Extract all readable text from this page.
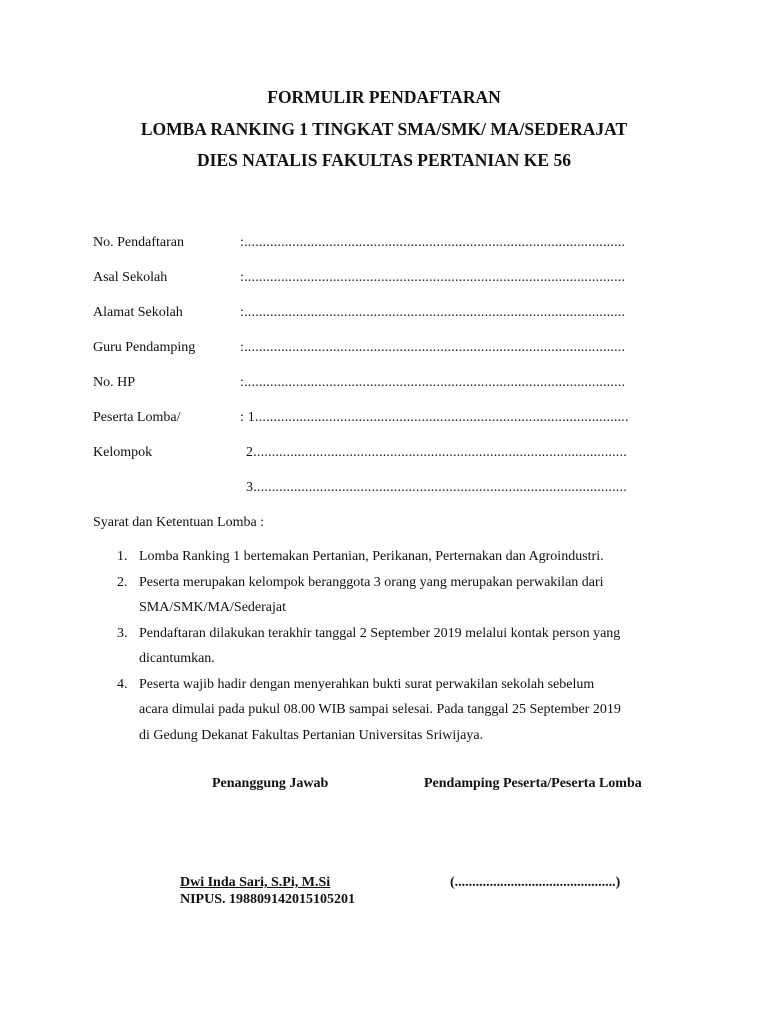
FORMULIR PENDAFTARAN
LOMBA RANKING 1 TINGKAT SMA/SMK/ MA/SEDERAJAT
DIES NATALIS FAKULTAS PERTANIAN KE 56
No. Pendaftaran	:.......................................................................................................
Asal Sekolah	:.......................................................................................................
Alamat Sekolah	:.......................................................................................................
Guru Pendamping	:.......................................................................................................
No. HP	:.......................................................................................................
Peserta Lomba/	: 1.....................................................................................................
Kelompok	2.....................................................................................................
3.....................................................................................................
Syarat dan Ketentuan Lomba :
1. Lomba Ranking 1 bertemakan Pertanian, Perikanan, Perternakan dan Agroindustri.
2. Peserta merupakan kelompok beranggota 3 orang yang merupakan perwakilan dari
SMA/SMK/MA/Sederajat
3. Pendaftaran dilakukan terakhir tanggal 2 September 2019 melalui kontak person yang
dicantumkan.
4. Peserta wajib hadir dengan menyerahkan bukti surat perwakilan sekolah sebelum
acara dimulai pada pukul 08.00 WIB sampai selesai. Pada tanggal 25 September 2019
di Gedung Dekanat Fakultas Pertanian Universitas Sriwijaya.
Penanggung Jawab	Pendamping Peserta/Peserta Lomba
Dwi Inda Sari, S.Pi, M.Si
NIPUS. 198809142015105201
(..............................................)
